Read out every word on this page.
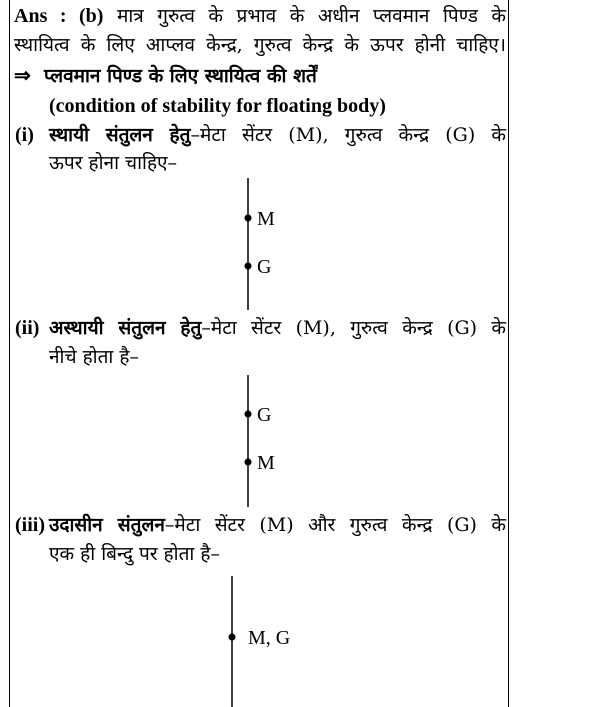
Ans : (b) मात्र गुरुत्व के प्रभाव के अधीन प्लवमान पिण्ड के
स्थायित्व के लिए आप्लव केन्द्र, गुरुत्व केन्द्र के ऊपर होनी चाहिए।
⇒ प्लवमान पिण्ड के लिए स्थायित्व की शर्तें
(condition of stability for floating body)
(i) स्थायी संतुलन हेतु–मेटा सेंटर (M), गुरुत्व केन्द्र (G) के
ऊपर होना चाहिए–
M
G
(ii) अस्थायी संतुलन हेतु–मेटा सेंटर (M), गुरुत्व केन्द्र (G) के
नीचे होता है–
G
M
(iii) उदासीन संतुलन–मेटा सेंटर (M) और गुरुत्व केन्द्र (G) के
एक ही बिन्दु पर होता है–
M, G
